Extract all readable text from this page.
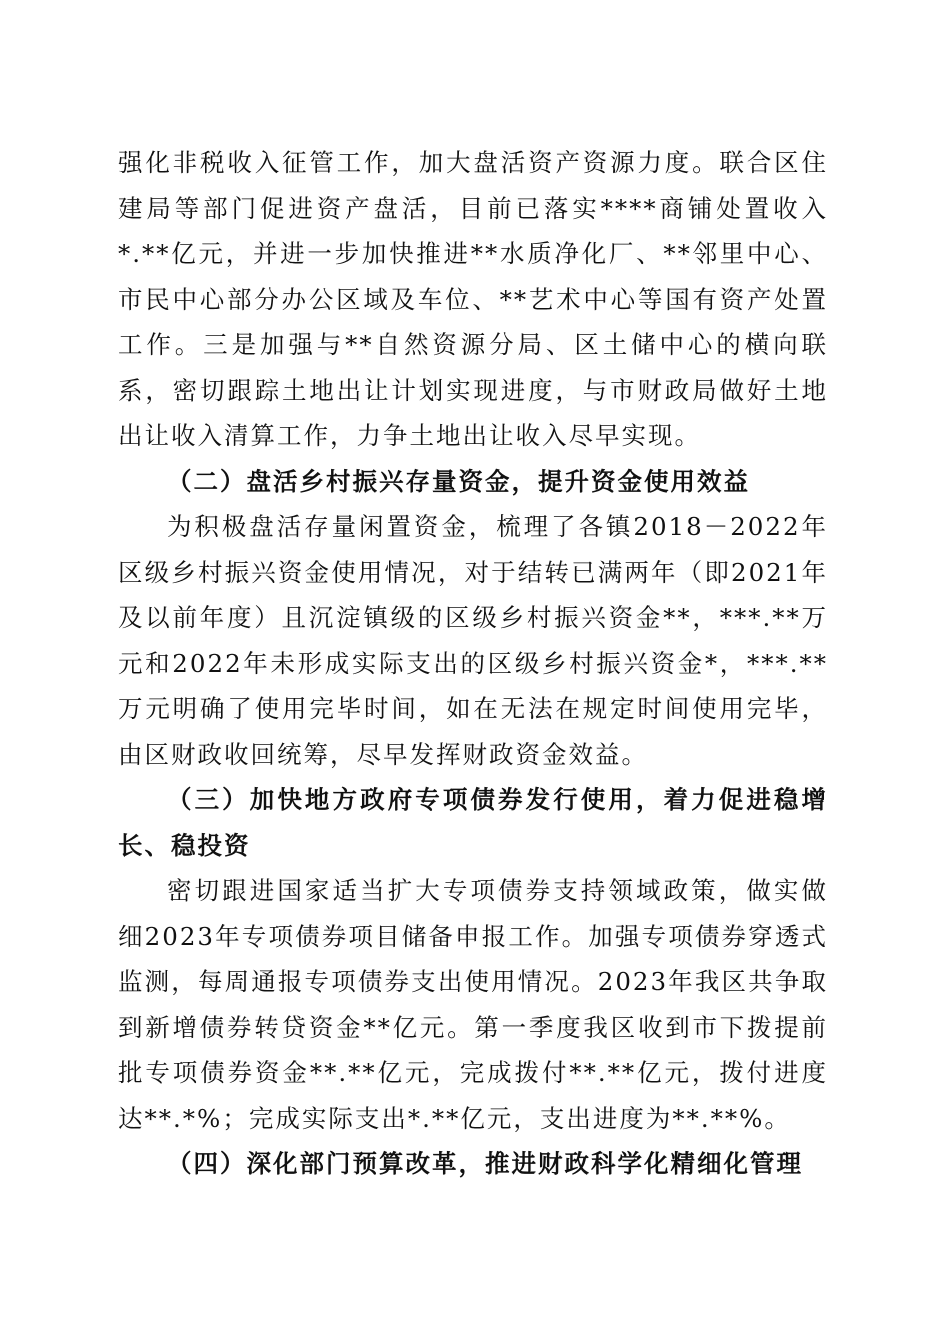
强化非税收入征管工作，加大盘活资产资源力度。联合区住建局等部门促进资产盘活，目前已落实****商铺处置收入*.**亿元，并进一步加快推进**水质净化厂、**邻里中心、市民中心部分办公区域及车位、**艺术中心等国有资产处置工作。三是加强与**自然资源分局、区土储中心的横向联系，密切跟踪土地出让计划实现进度，与市财政局做好土地出让收入清算工作，力争土地出让收入尽早实现。

（二）盘活乡村振兴存量资金，提升资金使用效益

为积极盘活存量闲置资金，梳理了各镇2018－2022年区级乡村振兴资金使用情况，对于结转已满两年（即2021年及以前年度）且沉淀镇级的区级乡村振兴资金**，***.**万元和2022年未形成实际支出的区级乡村振兴资金*，***.**万元明确了使用完毕时间，如在无法在规定时间使用完毕，由区财政收回统筹，尽早发挥财政资金效益。

（三）加快地方政府专项债券发行使用，着力促进稳增长、稳投资

密切跟进国家适当扩大专项债券支持领域政策，做实做细2023年专项债券项目储备申报工作。加强专项债券穿透式监测，每周通报专项债券支出使用情况。2023年我区共争取到新增债券转贷资金**亿元。第一季度我区收到市下拨提前批专项债券资金**.**亿元，完成拨付**.**亿元，拨付进度达**.*%；完成实际支出*.**亿元，支出进度为**.**%。

（四）深化部门预算改革，推进财政科学化精细化管理
